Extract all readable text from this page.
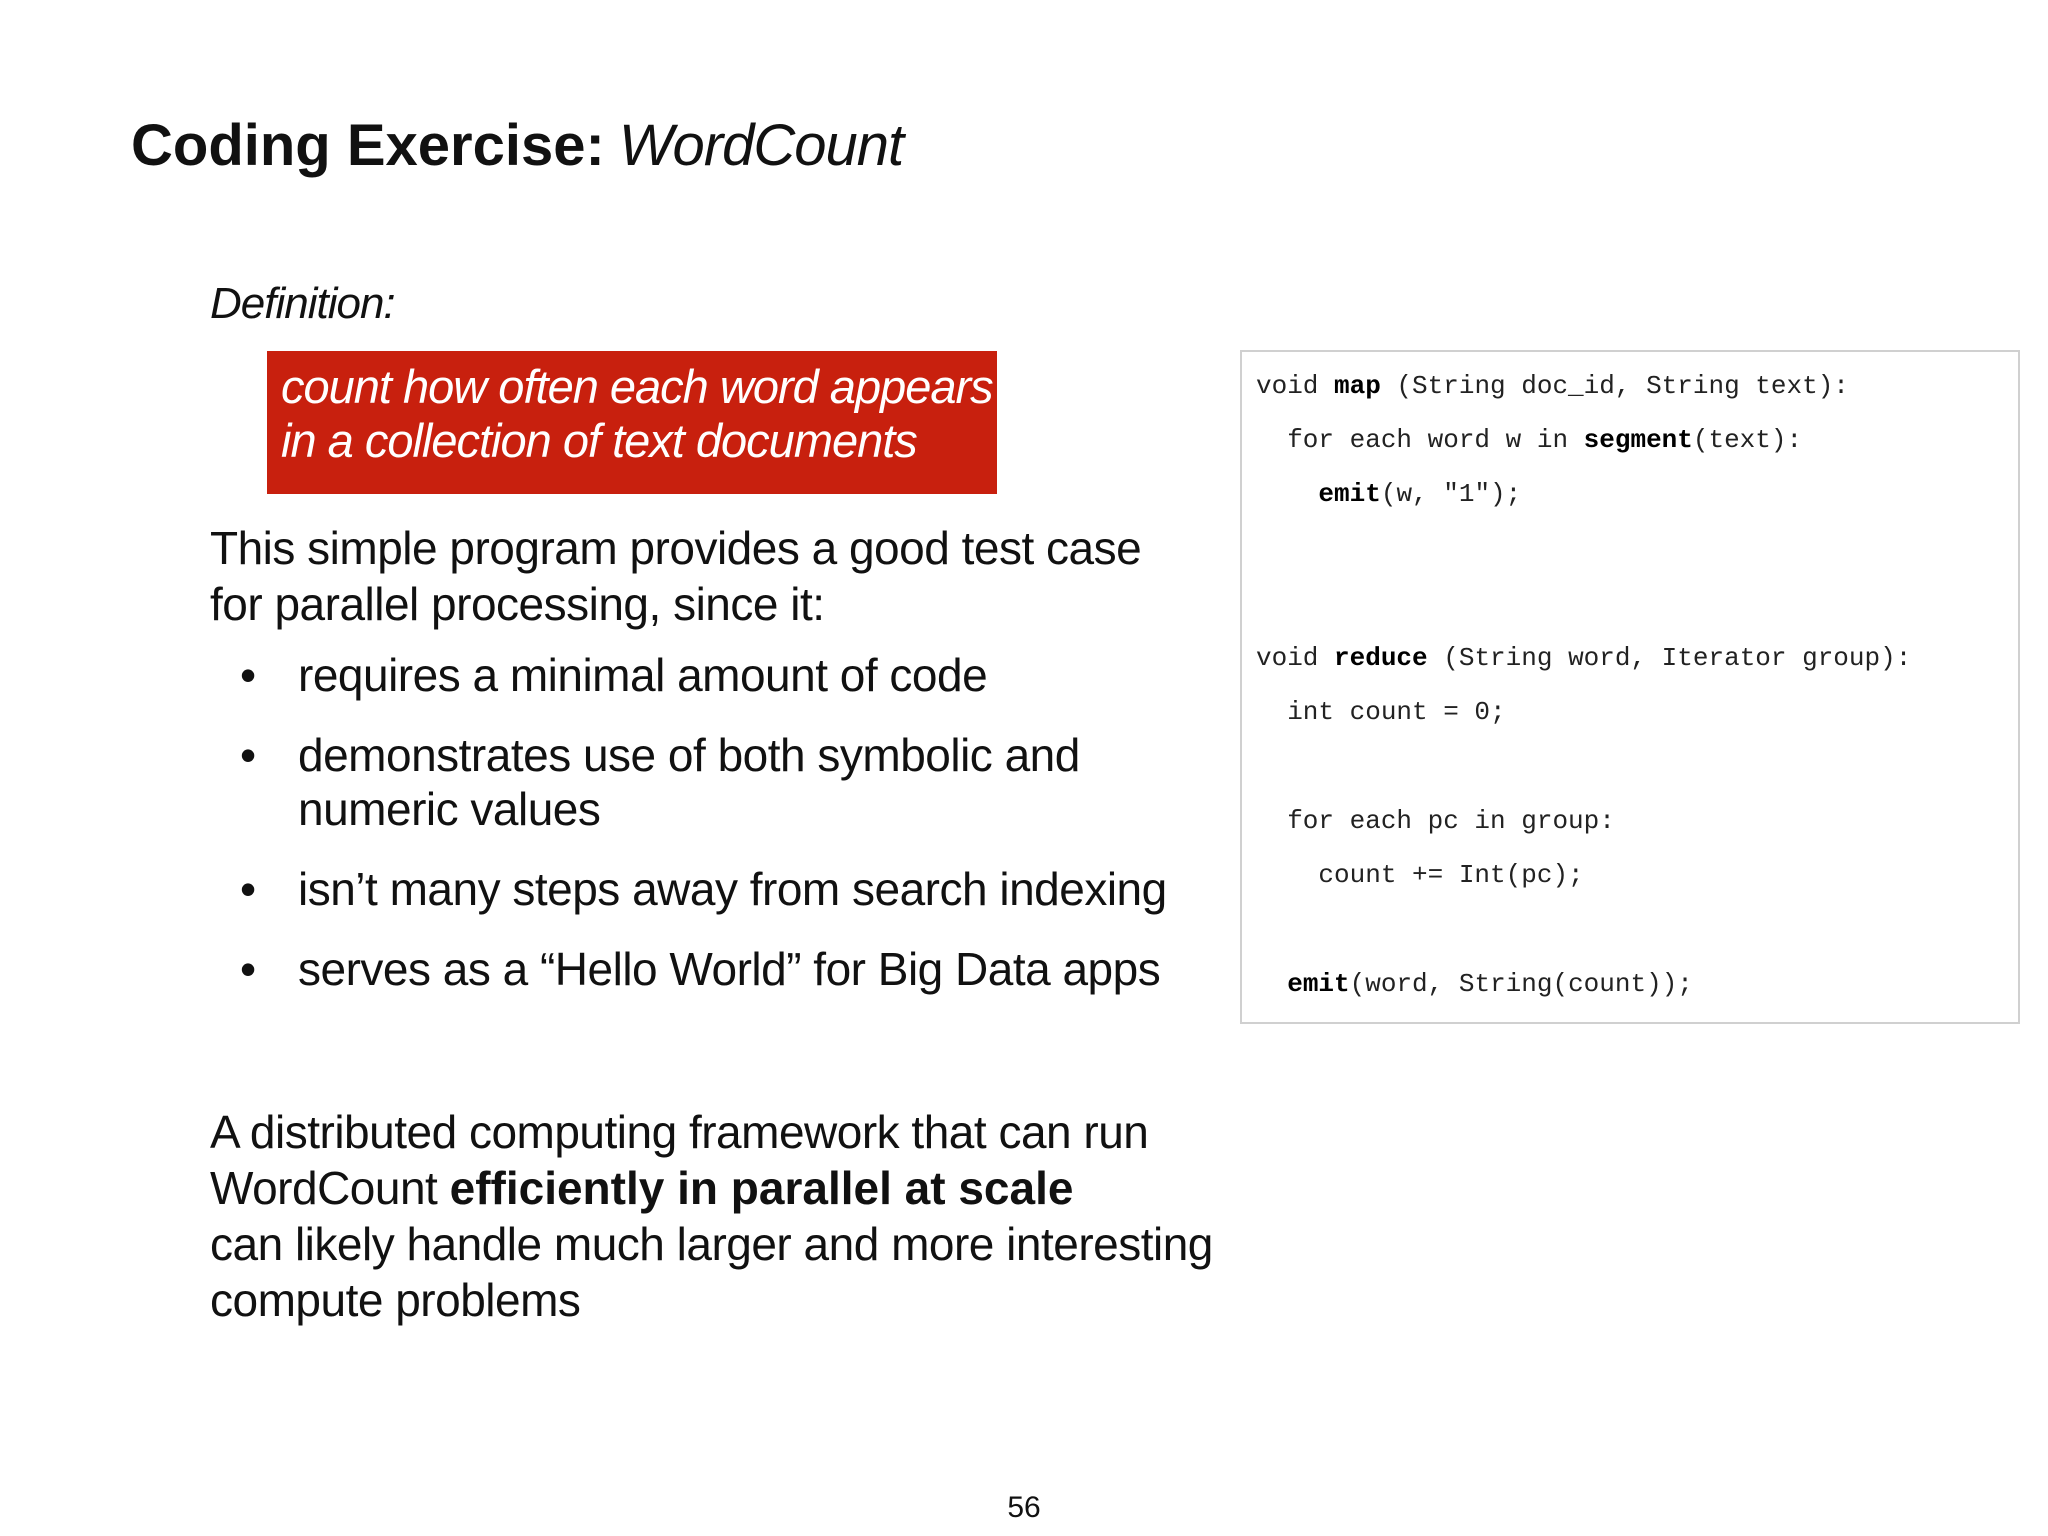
Coding Exercise: WordCount
Definition:
count how often each word appears
in a collection of text documents
This simple program provides a good test case
for parallel processing, since it:
• requires a minimal amount of code
• demonstrates use of both symbolic and
numeric values
• isn’t many steps away from search indexing
• serves as a “Hello World” for Big Data apps
A distributed computing framework that can run
WordCount efficiently in parallel at scale
can likely handle much larger and more interesting
compute problems
void map (String doc_id, String text):
for each word w in segment(text):
emit(w, "1");
void reduce (String word, Iterator group):
int count = 0;
for each pc in group:
count += Int(pc);
emit(word, String(count));
56
